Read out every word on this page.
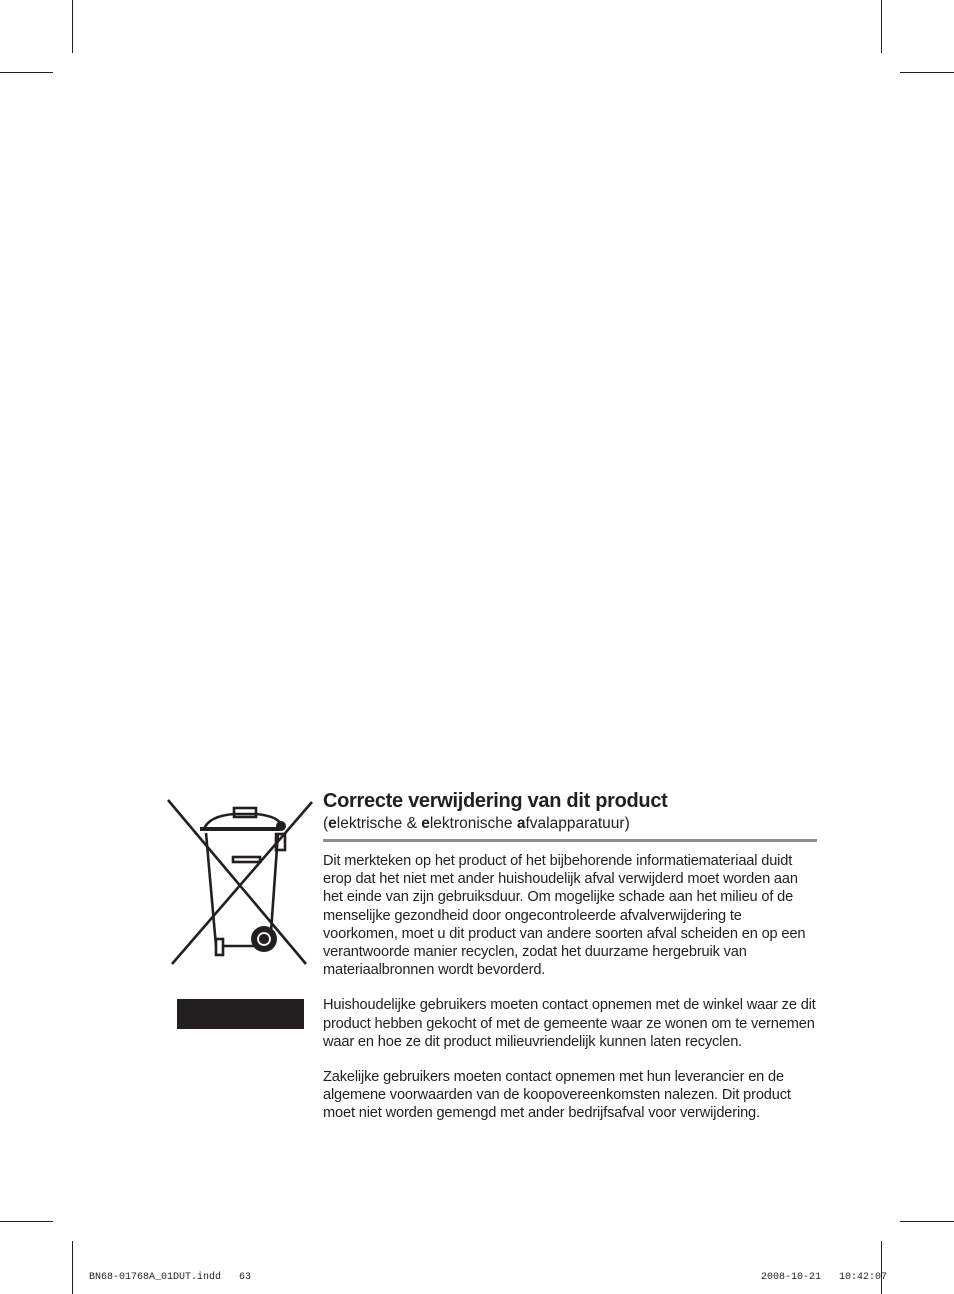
Correcte verwijdering van dit product

(elektrische & elektronische afvalapparatuur)

Dit merkteken op het product of het bijbehorende informatiemateriaal duidt erop dat het niet met ander huishoudelijk afval verwijderd moet worden aan het einde van zijn gebruiksduur. Om mogelijke schade aan het milieu of de menselijke gezondheid door ongecontroleerde afvalverwijdering te voorkomen, moet u dit product van andere soorten afval scheiden en op een verantwoorde manier recyclen, zodat het duurzame hergebruik van materiaalbronnen wordt bevorderd.

Huishoudelijke gebruikers moeten contact opnemen met de winkel waar ze dit product hebben gekocht of met de gemeente waar ze wonen om te vernemen waar en hoe ze dit product milieuvriendelijk kunnen laten recyclen.

Zakelijke gebruikers moeten contact opnemen met hun leverancier en de algemene voorwaarden van de koopovereenkomsten nalezen. Dit product moet niet worden gemengd met ander bedrijfsafval voor verwijdering.

BN68-01768A_01DUT.indd   63	2008-10-21   10:42:07
